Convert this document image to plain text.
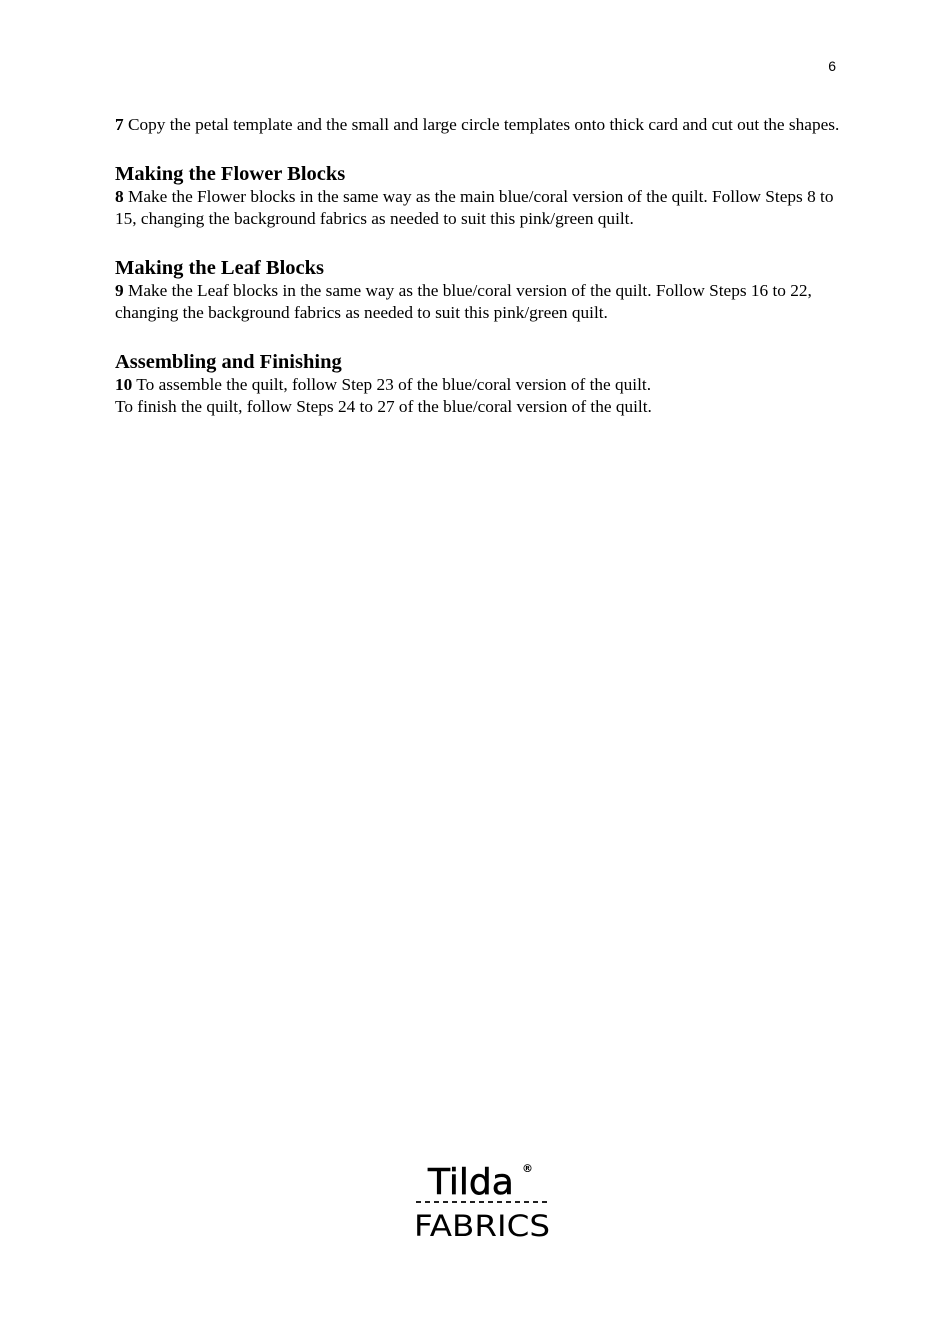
6

7 Copy the petal template and the small and large circle templates onto thick card and cut out the shapes.

Making the Flower Blocks

8 Make the Flower blocks in the same way as the main blue/coral version of the quilt. Follow Steps 8 to 15, changing the background fabrics as needed to suit this pink/green quilt.

Making the Leaf Blocks

9 Make the Leaf blocks in the same way as the blue/coral version of the quilt. Follow Steps 16 to 22, changing the background fabrics as needed to suit this pink/green quilt.

Assembling and Finishing

10 To assemble the quilt, follow Step 23 of the blue/coral version of the quilt.

To finish the quilt, follow Steps 24 to 27 of the blue/coral version of the quilt.

Tilda ®
FABRICS
